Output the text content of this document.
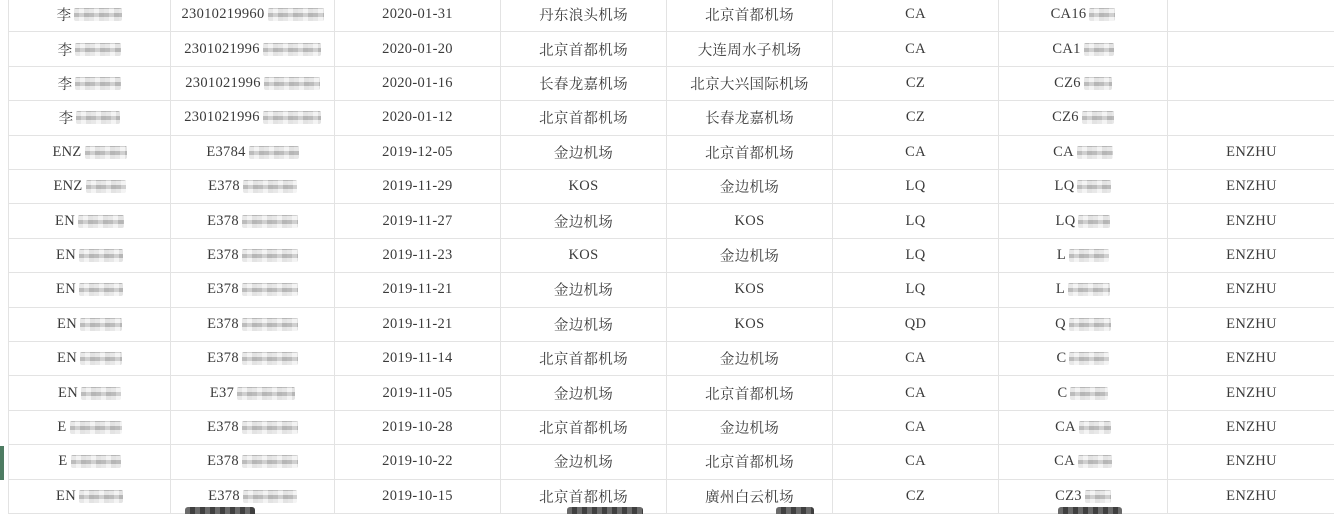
李	23010219960	2020-01-31	丹东浪头机场	北京首都机场	CA	CA16
李	2301021996	2020-01-20	北京首都机场	大连周水子机场	CA	CA1
李	2301021996	2020-01-16	长春龙嘉机场	北京大兴国际机场	CZ	CZ6
李	2301021996	2020-01-12	北京首都机场	长春龙嘉机场	CZ	CZ6
ENZ	E3784	2019-12-05	金边机场	北京首都机场	CA	CA	ENZHU
ENZ	E378	2019-11-29	KOS	金边机场	LQ	LQ	ENZHU
EN	E378	2019-11-27	金边机场	KOS	LQ	LQ	ENZHU
EN	E378	2019-11-23	KOS	金边机场	LQ	L	ENZHU
EN	E378	2019-11-21	金边机场	KOS	LQ	L	ENZHU
EN	E378	2019-11-21	金边机场	KOS	QD	Q	ENZHU
EN	E378	2019-11-14	北京首都机场	金边机场	CA	C	ENZHU
EN	E37	2019-11-05	金边机场	北京首都机场	CA	C	ENZHU
E	E378	2019-10-28	北京首都机场	金边机场	CA	CA	ENZHU
E	E378	2019-10-22	金边机场	北京首都机场	CA	CA	ENZHU
EN	E378	2019-10-15	北京首都机场	廣州白云机场	CZ	CZ3	ENZHU
